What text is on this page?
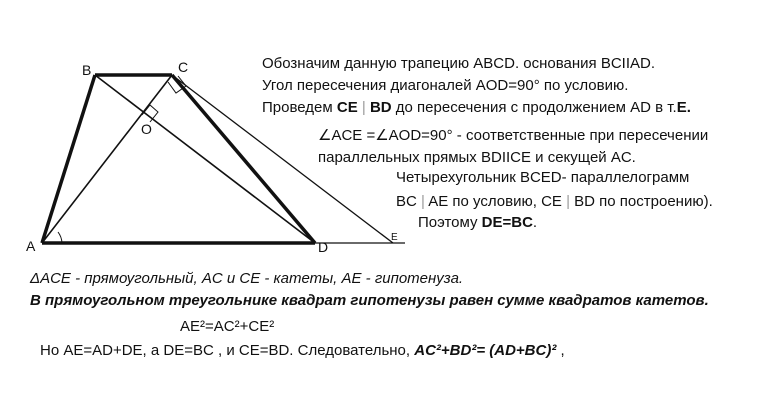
B	C
A	D
O
E
Обозначим данную трапецию ABCD. основания BCIIAD.
Угол пересечения диагоналей AOD=90° по условию.
Проведем CE | BD до пересечения с продолжением AD в т.E.
∠ACE =∠AOD=90° - соответственные при пересечении
параллельных прямых BDIICE и секущей AC.
Четырехугольник BCED- параллелограмм
BC | AE по условию, CE | BD по построению).
Поэтому DE=BC.
ΔACE - прямоугольный, AC и CE - катеты, AE - гипотенуза.
В прямоугольном треугольнике квадрат гипотенузы равен сумме квадратов катетов.
AE²=AC²+CE²
Но AE=AD+DE, а DE=BC , и CE=BD. Следовательно, AC²+BD²= (AD+BC)² ,
